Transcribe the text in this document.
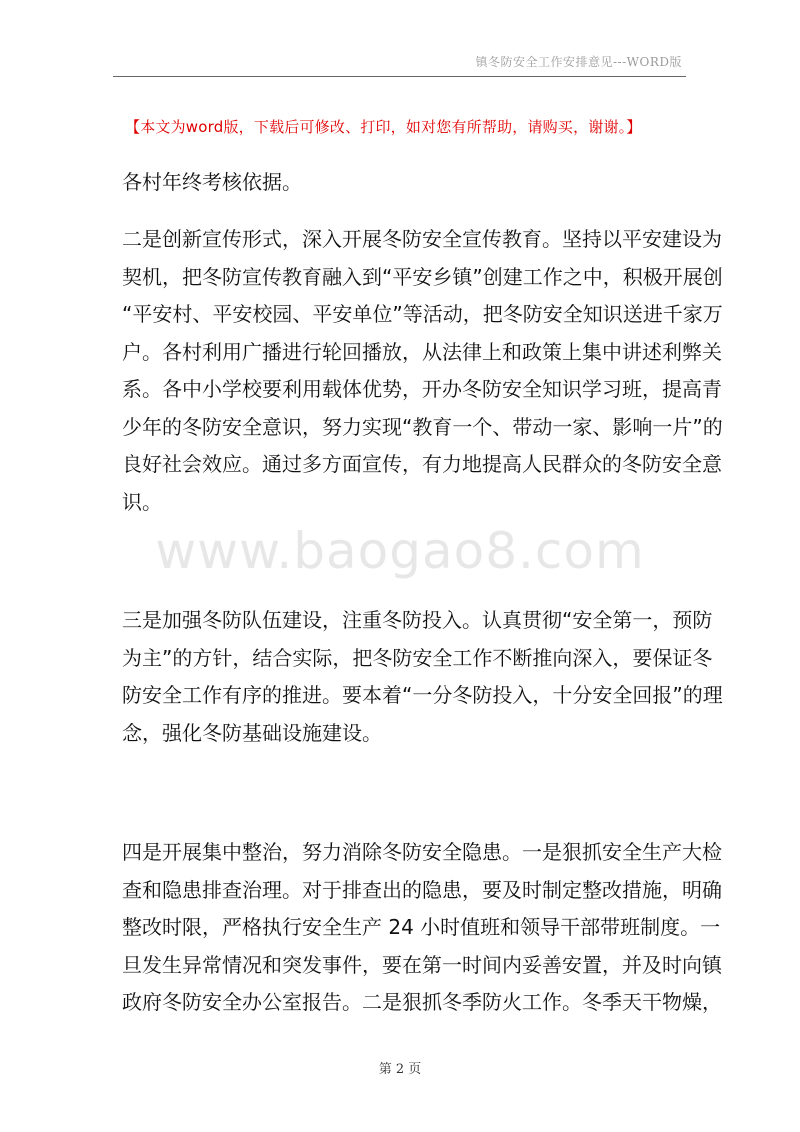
镇冬防安全工作安排意见---WORD版
【本文为word版，下载后可修改、打印，如对您有所帮助，请购买，谢谢。】
各村年终考核依据。
二是创新宣传形式，深入开展冬防安全宣传教育。坚持以平安建设为
契机，把冬防宣传教育融入到“平安乡镇”创建工作之中，积极开展创
“平安村、平安校园、平安单位”等活动，把冬防安全知识送进千家万
户。各村利用广播进行轮回播放，从法律上和政策上集中讲述利弊关
系。各中小学校要利用载体优势，开办冬防安全知识学习班，提高青
少年的冬防安全意识，努力实现“教育一个、带动一家、影响一片”的
良好社会效应。通过多方面宣传，有力地提高人民群众的冬防安全意
识。
www.baogao8.com
三是加强冬防队伍建设，注重冬防投入。认真贯彻“安全第一，预防
为主”的方针，结合实际，把冬防安全工作不断推向深入，要保证冬
防安全工作有序的推进。要本着“一分冬防投入，十分安全回报”的理
念，强化冬防基础设施建设。
四是开展集中整治，努力消除冬防安全隐患。一是狠抓安全生产大检
查和隐患排查治理。对于排查出的隐患，要及时制定整改措施，明确
整改时限，严格执行安全生产 24 小时值班和领导干部带班制度。一
旦发生异常情况和突发事件，要在第一时间内妥善安置，并及时向镇
政府冬防安全办公室报告。二是狠抓冬季防火工作。冬季天干物燥，
第 2 页
